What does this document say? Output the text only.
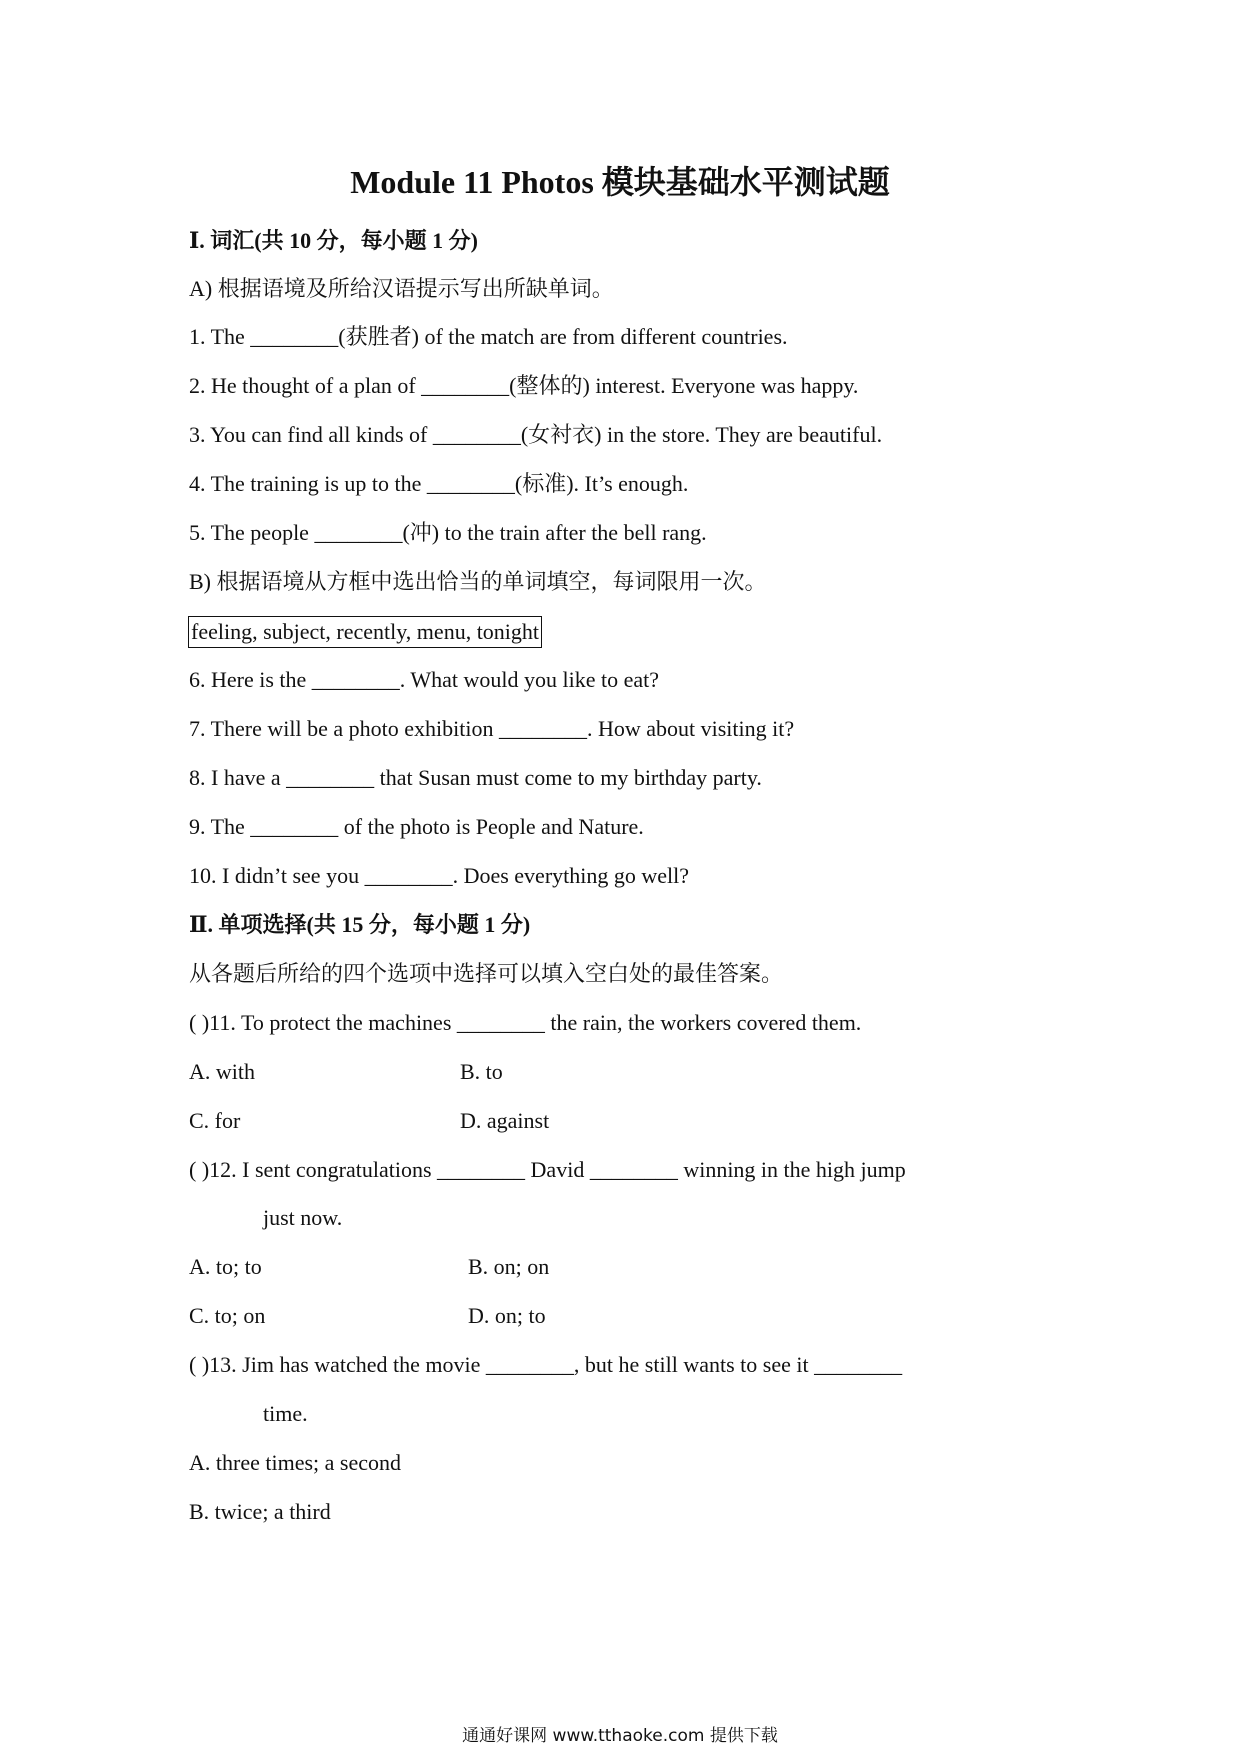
Module 11 Photos 模块基础水平测试题
Ⅰ. 词汇(共 10 分，每小题 1 分)
A) 根据语境及所给汉语提示写出所缺单词。
1. The ________(获胜者) of the match are from different countries.
2. He thought of a plan of ________(整体的) interest. Everyone was happy.
3. You can find all kinds of ________(女衬衣) in the store. They are beautiful.
4. The training is up to the ________(标准). It’s enough.
5. The people ________(冲) to the train after the bell rang.
B) 根据语境从方框中选出恰当的单词填空，每词限用一次。
feeling, subject, recently, menu, tonight
6. Here is the ________. What would you like to eat?
7. There will be a photo exhibition ________. How about visiting it?
8. I have a ________ that Susan must come to my birthday party.
9. The ________ of the photo is People and Nature.
10. I didn’t see you ________. Does everything go well?
Ⅱ. 单项选择(共 15 分，每小题 1 分)
从各题后所给的四个选项中选择可以填入空白处的最佳答案。
( )11. To protect the machines ________ the rain, the workers covered them.
A. with	B. to
C. for	D. against
( )12. I sent congratulations ________ David ________ winning in the high jump
just now.
A. to; to	B. on; on
C. to; on	D. on; to
( )13. Jim has watched the movie ________, but he still wants to see it ________
time.
A. three times; a second
B. twice; a third
通通好课网 www.tthaoke.com 提供下载
